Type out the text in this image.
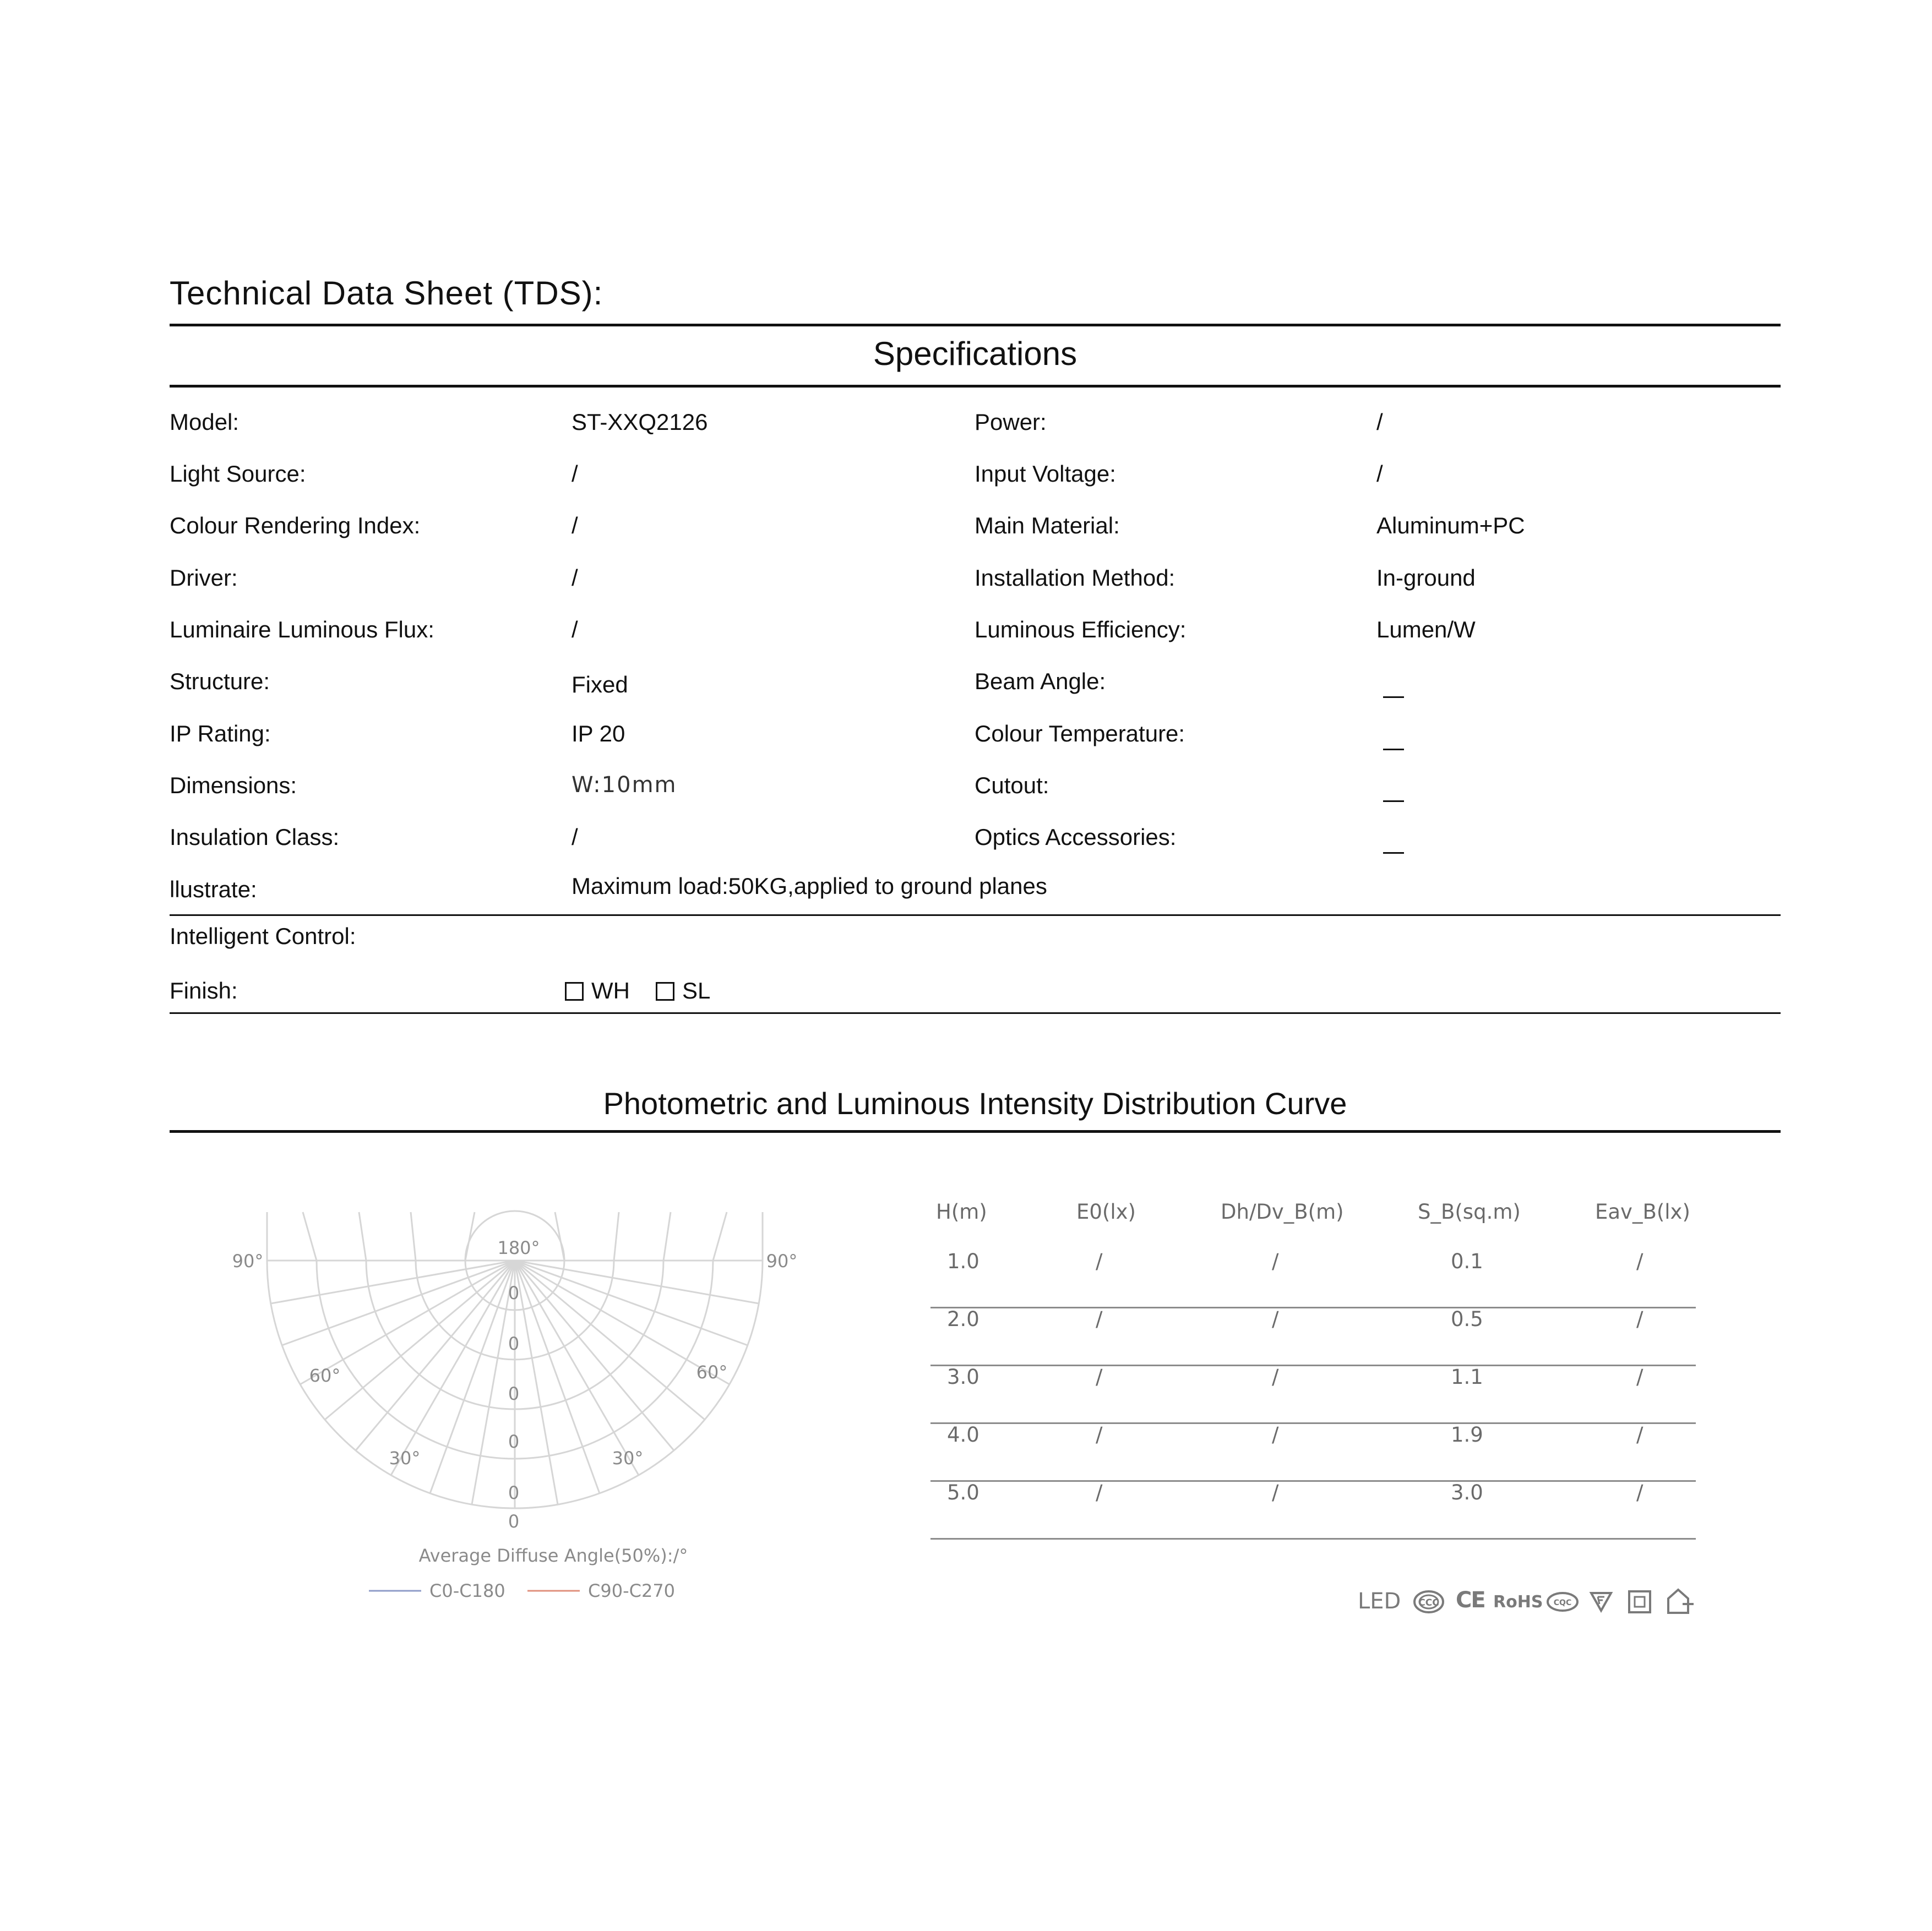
Technical Data Sheet (TDS):
Specifications
Model:	ST-XXQ2126	Power:	/
Light Source:	/	Input Voltage:	/
Colour Rendering Index:	/	Main Material:	Aluminum+PC
Driver:	/	Installation Method:	In-ground
Luminaire Luminous Flux:	/	Luminous Efficiency:	Lumen/W
Structure:	Fixed	Beam Angle:
IP Rating:	IP 20	Colour Temperature:
Dimensions:	W:10mm	Cutout:
Insulation Class:	/	Optics Accessories:
llustrate:	Maximum load:50KG,applied to ground planes
Intelligent Control:
Finish:	WH	SL
Photometric and Luminous Intensity Distribution Curve
180°
90°	90°
60°	60°
30°	30°
0
0
0
0
0
0
Average Diffuse Angle(50%):/°
C0-C180	C90-C270
H(m)	E0(lx)	Dh/Dv_B(m)	S_B(sq.m)	Eav_B(lx)
1.0	/	/	0.1	/
2.0	/	/	0.5	/
3.0	/	/	1.1	/
4.0	/	/	1.9	/
5.0	/	/	3.0	/
LED CCC CE RoHS CQC
